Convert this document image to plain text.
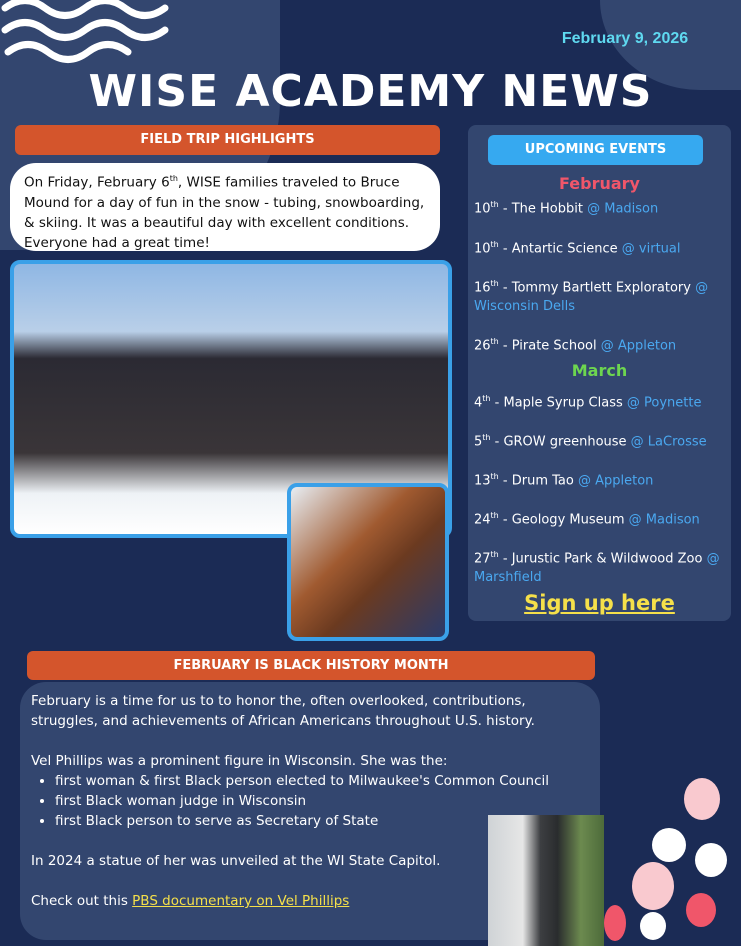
February 9, 2026
WISE ACADEMY NEWS
FIELD TRIP HIGHLIGHTS
On Friday, February 6th, WISE families traveled to Bruce Mound for a day of fun in the snow - tubing, snowboarding, & skiing. It was a beautiful day with excellent conditions. Everyone had a great time!
UPCOMING EVENTS
February
10th - The Hobbit @ Madison
10th - Antartic Science @ virtual
16th - Tommy Bartlett Exploratory @ Wisconsin Dells
26th - Pirate School @ Appleton
March
4th - Maple Syrup Class @ Poynette
5th - GROW greenhouse @ LaCrosse
13th - Drum Tao @ Appleton
24th - Geology Museum @ Madison
27th - Jurustic Park & Wildwood Zoo @ Marshfield
Sign up here
FEBRUARY IS BLACK HISTORY MONTH

February is a time for us to to honor the, often overlooked, contributions, struggles, and achievements of African Americans throughout U.S. history.

Vel Phillips was a prominent figure in Wisconsin. She was the:

• first woman & first Black person elected to Milwaukee's Common Council
• first Black woman judge in Wisconsin
• first Black person to serve as Secretary of State

In 2024 a statue of her was unveiled at the WI State Capitol.

Check out this PBS documentary on Vel Phillips
